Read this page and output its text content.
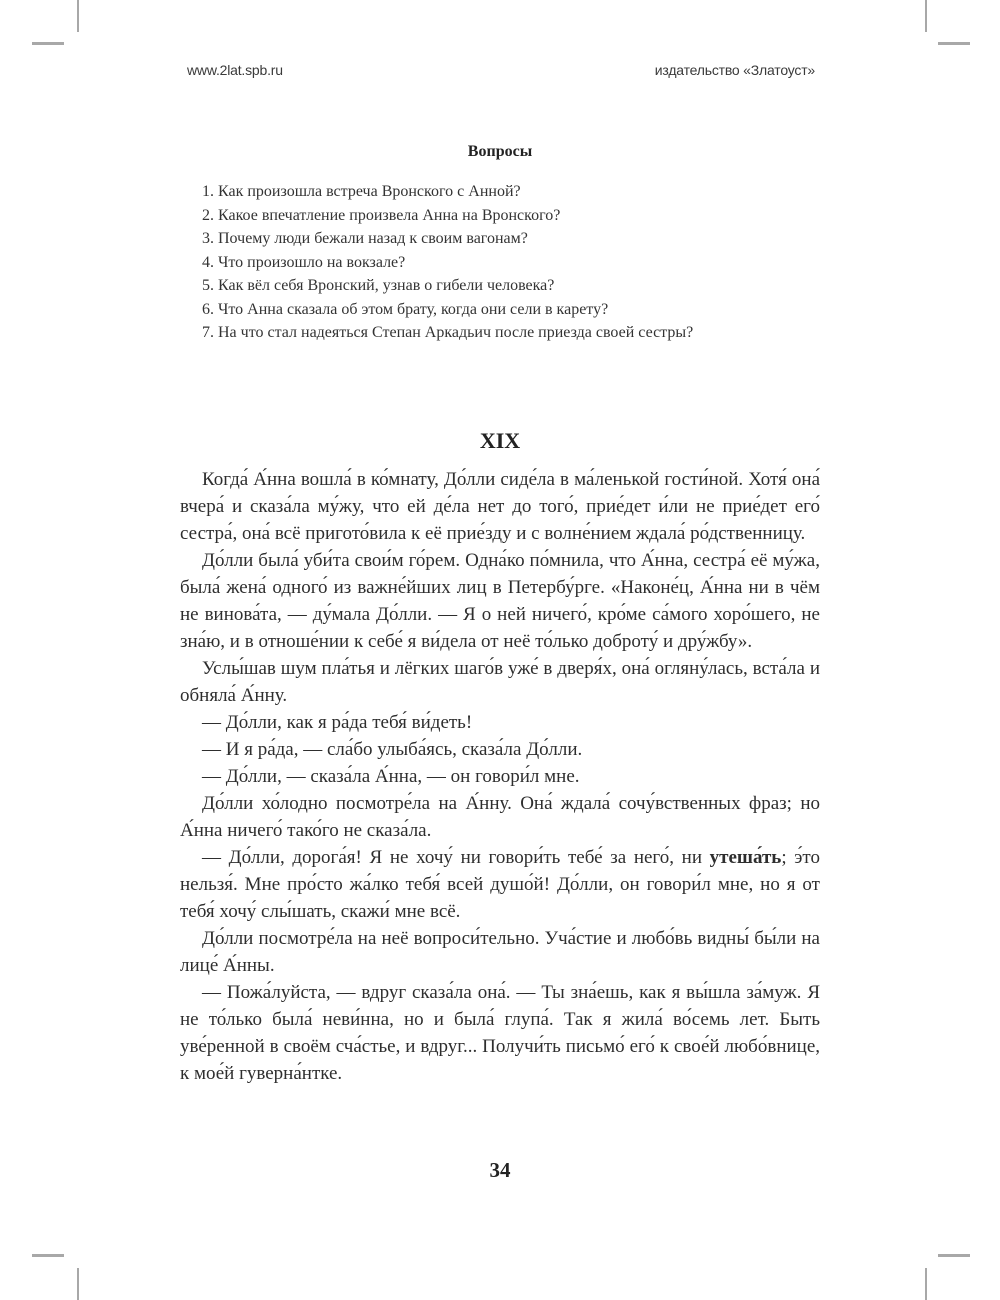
www.2lat.spb.ru	издательство «Златоуст»
Вопросы
1. Как произошла встреча Вронского с Анной?
2. Какое впечатление произвела Анна на Вронского?
3. Почему люди бежали назад к своим вагонам?
4. Что произошло на вокзале?
5. Как вёл себя Вронский, узнав о гибели человека?
6. Что Анна сказала об этом брату, когда они сели в карету?
7. На что стал надеяться Степан Аркадьич после приезда своей сестры?
XIX

Когда́ А́нна вошла́ в ко́мнату, До́лли сиде́ла в ма́ленькой гости́ной. Хотя́ она́ вчера́ и сказа́ла му́жу, что ей де́ла нет до того́, прие́дет и́ли не прие́дет его́ сестра́, она́ всё пригото́вила к её прие́зду и с волне́нием ждала́ ро́дственницу.

До́лли была́ уби́та свои́м го́рем. Одна́ко по́мнила, что А́нна, сестра́ её му́жа, была́ жена́ одного́ из важне́йших лиц в Петербу́рге. «Наконе́ц, А́нна ни в чём не винова́та, — ду́мала До́лли. — Я о ней ничего́, кро́ме са́мого хоро́шего, не зна́ю, и в отноше́нии к себе́ я ви́дела от неё то́лько доброту́ и дру́жбу».

Услы́шав шум пла́тья и лёгких шаго́в уже́ в дверя́х, она́ огляну́лась, вста́ла и обняла́ А́нну.

— До́лли, как я ра́да тебя́ ви́деть!

— И я ра́да, — сла́бо улыба́ясь, сказа́ла До́лли.

— До́лли, — сказа́ла А́нна, — он говори́л мне.

До́лли хо́лодно посмотре́ла на А́нну. Она́ ждала́ сочу́вственных фраз; но А́нна ничего́ тако́го не сказа́ла.

— До́лли, дорога́я! Я не хочу́ ни говори́ть тебе́ за него́, ни утеша́ть; э́то нельзя́. Мне про́сто жа́лко тебя́ всей душо́й! До́лли, он говори́л мне, но я от тебя́ хочу́ слы́шать, скажи́ мне всё.

До́лли посмотре́ла на неё вопроси́тельно. Уча́стие и любо́вь видны́ бы́ли на лице́ А́нны.

— Пожа́луйста, — вдруг сказа́ла она́. — Ты зна́ешь, как я вы́шла за́муж. Я не то́лько была́ неви́нна, но и была́ глупа́. Так я жила́ во́семь лет. Быть уве́ренной в своём сча́стье, и вдруг... Получи́ть письмо́ его́ к свое́й любо́внице, к мое́й гуверна́нтке.

34
